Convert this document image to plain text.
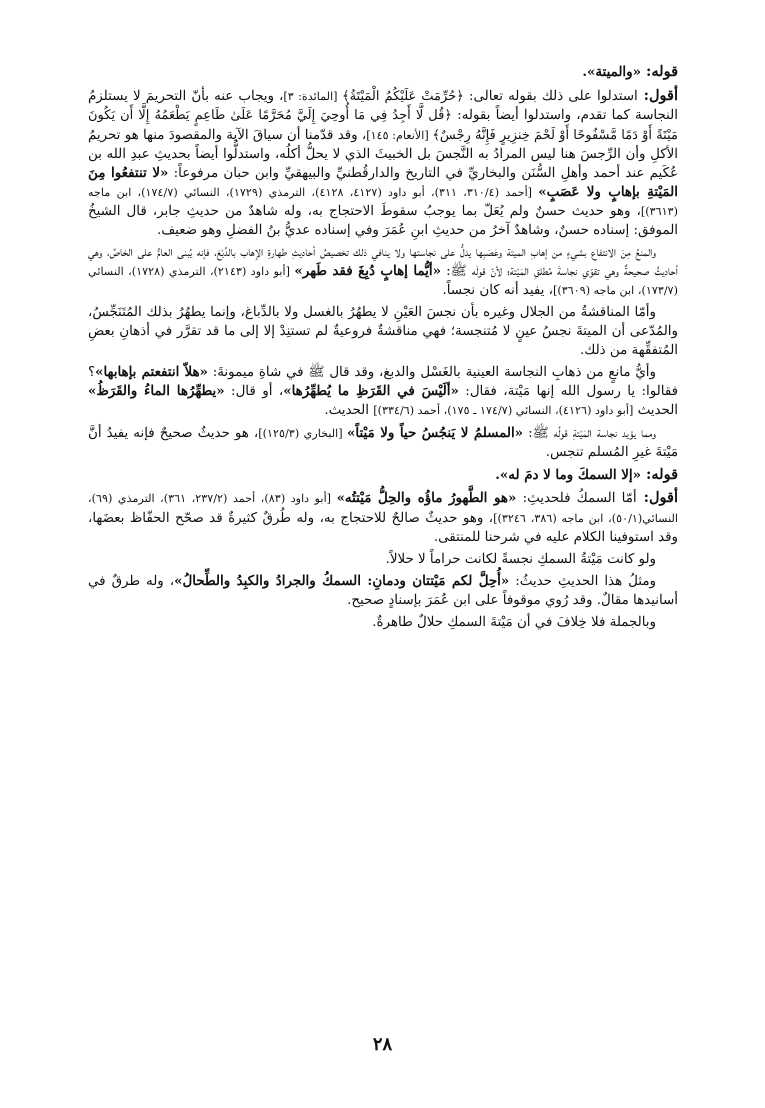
قوله: «والميتة».

أقول: استدلوا على ذلك بقوله تعالى: ﴿حُرِّمَتْ عَلَيْكُمُ الْمَيْتَةُ﴾ [المائدة: ٣]، ويجاب عنه بأنّ التحريمَ لا يستلزمُ النجاسة كما تقدم، واستدلوا أيضاً بقوله: ﴿قُل لَّا أَجِدُ فِي مَا أُوحِيَ إِلَيَّ مُحَرَّمًا عَلَىٰ طَاعِمٍ يَطْعَمُهُ إِلَّا أَن يَكُونَ مَيْتَةً أَوْ دَمًا مَّسْفُوحًا أَوْ لَحْمَ خِنزِيرٍ فَإِنَّهُ رِجْسٌ﴾ [الأنعام: ١٤٥]، وقد قدّمنا أن سياقَ الآية والمقصودَ منها هو تحريمُ الأكلِ وأن الرِّجسَ هنا ليس المرادُ به النَّجسَ بل الخبيثَ الذي لا يحلُّ أكلُه، واستدلُّوا أيضاً بحديثِ عبدِ الله بن عُكَيم عند أحمد وأهلِ السُّنَن والبخاريِّ في التاريخ والدارقُطنيِّ والبيهقيِّ وابن حبان مرفوعاً: «لا تنتفعُوا مِنَ المَيْتةِ بإهابٍ ولا عَصَبٍ» [أحمد (٣١٠/٤، ٣١١)، أبو داود (٤١٢٧، ٤١٢٨)، الترمذي (١٧٢٩)، النسائي (١٧٤/٧)، ابن ماجه (٣٦١٣)]، وهو حديث حسنٌ ولم يُعَلّ بما يوجبُ سقوطَ الاحتجاج به، وله شاهدٌ من حديثِ جابر، قال الشيخُ الموفق: إسناده حسنٌ، وشاهدٌ آخرُ من حديثِ ابنِ عُمَرَ وفي إسناده عديُّ بنُ الفضلِ وهو ضعيف.

والمنعُ مِنَ الانتفاع بشيءٍ من إهابِ الميتة وعَصَبِها يدلُّ على نجاستها ولا ينافي ذلك تخصيصُ أحاديثِ طهارةِ الإهاب بالدِّبْغ، فإنه يُبنى العامُّ على الخاصِّ، وهي أحاديثُ صحيحةٌ وهي تقوّي نجاسةَ مُطلقِ المَيْتة؛ لأنّ قولَه ﷺ: «أيُّما إهابٍ دُبِغَ فقد طَهر» [أبو داود (٢١٤٣)، الترمذي (١٧٢٨)، النسائي (١٧٣/٧)، ابن ماجه (٣٦٠٩)]، يفيد أنه كان نجساً.

وأمّا المناقشةُ من الجلال وغيره بأن نجسَ العَيْنِ لا يطهُرُ بالغسل ولا بالدِّباغ، وإنما يطهُرُ بذلك المُتَنَجِّسُ، والمُدّعى أن الميتةَ نجسُ عينٍ لا مُتنجسة؛ فهي مناقشةٌ فروعيةٌ لم تستنِدْ إلا إلى ما قد تقرَّر في أذهانِ بعضِ المُتفقِّهة من ذلك.

وأيُّ مانعٍ من ذهابِ النجاسة العينية بالغَسْل والدبغ، وقد قال ﷺ في شاةِ ميمونةَ: «هلاّ انتفعتم بإهابها»؟ فقالوا: يا رسول الله إنها مَيْتة، فقال: «ألَيْسَ في القَرَظِ ما يُطهِّرُها»، أو قال: «يطهِّرُها الماءُ والقَرَظُ» الحديث [أبو داود (٤١٢٦)، النسائي (١٧٤/٧ ـ ١٧٥)، أحمد (٣٣٤/٦)] الحديث.

ومما يؤيد نجاسة المَيْتةِ قولُه ﷺ: «المسلمُ لا يَنجُسُ حياً ولا مَيْتاً» [البخاري (١٢٥/٣)]، هو حديثٌ صحيحٌ فإنه يفيدُ أنَّ مَيْتةَ غيرِ المُسلم تنجس.

قوله: «إلا السمكَ وما لا دمَ له».

أقول: أمّا السمكُ فلحديثِ: «هو الطَّهورُ ماؤُه والحِلُّ مَيْتتُه» [أبو داود (٨٣)، أحمد (٢٣٧/٢، ٣٦١)، الترمذي (٦٩)، النسائي(٥٠/١)، ابن ماجه (٣٨٦، ٣٢٤٦)]، وهو حديثٌ صالحٌ للاحتجاج به، وله طُرقٌ كثيرةٌ قد صحّح الحفّاظ بعضَها، وقد استوفينا الكلام عليه في شرحنا للمنتقى.

ولو كانت مَيْتةُ السمكِ نجسةً لكانت حراماً لا حلالاً.

ومثلُ هذا الحديثِ حديثُ: «أُحِلَّ لكم مَيْتتان ودمانِ: السمكُ والجرادُ والكبِدُ والطِّحالُ»، وله طرقٌ في أسانيدها مقالٌ. وقد رُوي موقوفاً على ابن عُمَرَ بإسنادٍ صحيح.

وبالجملة فلا خِلافَ في أن مَيْتةَ السمكِ حلالٌ طاهرةٌ.

٢٨
